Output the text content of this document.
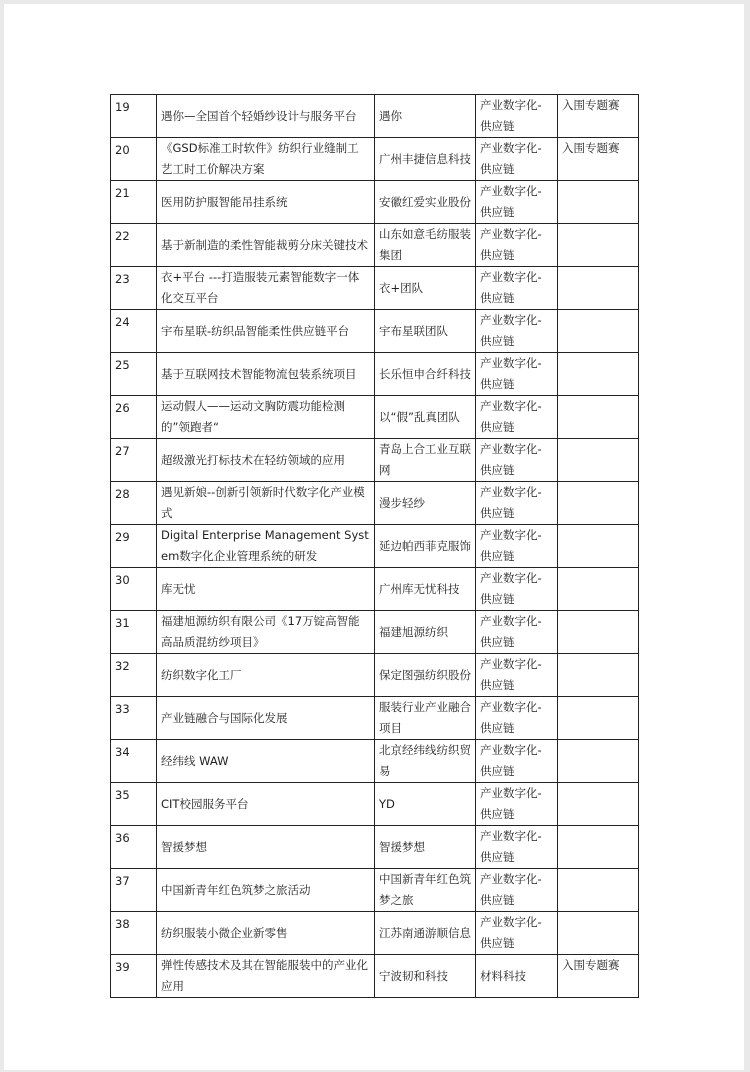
19	遇你—全国首个轻婚纱设计与服务平台	遇你	产业数字化-供应链	入围专题赛

20	《GSD标准工时软件》纺织行业缝制工艺工时工价解决方案	广州丰捷信息科技	产业数字化-供应链	入围专题赛

21	医用防护服智能吊挂系统	安徽红爱实业股份	产业数字化-供应链	

22	基于新制造的柔性智能裁剪分床关键技术	山东如意毛纺服装集团	产业数字化-供应链	

23	衣+平台 ---打造服装元素智能数字一体化交互平台	衣+团队	产业数字化-供应链	

24	宇布星联-纺织品智能柔性供应链平台	宇布星联团队	产业数字化-供应链	

25	基于互联网技术智能物流包装系统项目	长乐恒申合纤科技	产业数字化-供应链	

26	运动假人——运动文胸防震功能检测的”领跑者“	以“假”乱真团队	产业数字化-供应链	

27	超级激光打标技术在轻纺领域的应用	青岛上合工业互联网	产业数字化-供应链	

28	遇见新娘--创新引领新时代数字化产业模式	漫步轻纱	产业数字化-供应链	

29	Digital Enterprise Management System数字化企业管理系统的研发	延边帕西菲克服饰	产业数字化-供应链	

30	库无忧	广州库无忧科技	产业数字化-供应链	

31	福建旭源纺织有限公司《17万锭高智能高品质混纺纱项目》	福建旭源纺织	产业数字化-供应链	

32	纺织数字化工厂	保定图强纺织股份	产业数字化-供应链	

33	产业链融合与国际化发展	服装行业产业融合项目	产业数字化-供应链	

34	经纬线 WAW	北京经纬线纺织贸易	产业数字化-供应链	

35	CIT校园服务平台	YD	产业数字化-供应链	

36	智援梦想	智援梦想	产业数字化-供应链	

37	中国新青年红色筑梦之旅活动	中国新青年红色筑梦之旅	产业数字化-供应链	

38	纺织服装小微企业新零售	江苏南通游顺信息	产业数字化-供应链	

39	弹性传感技术及其在智能服装中的产业化应用	宁波韧和科技	材料科技	入围专题赛
